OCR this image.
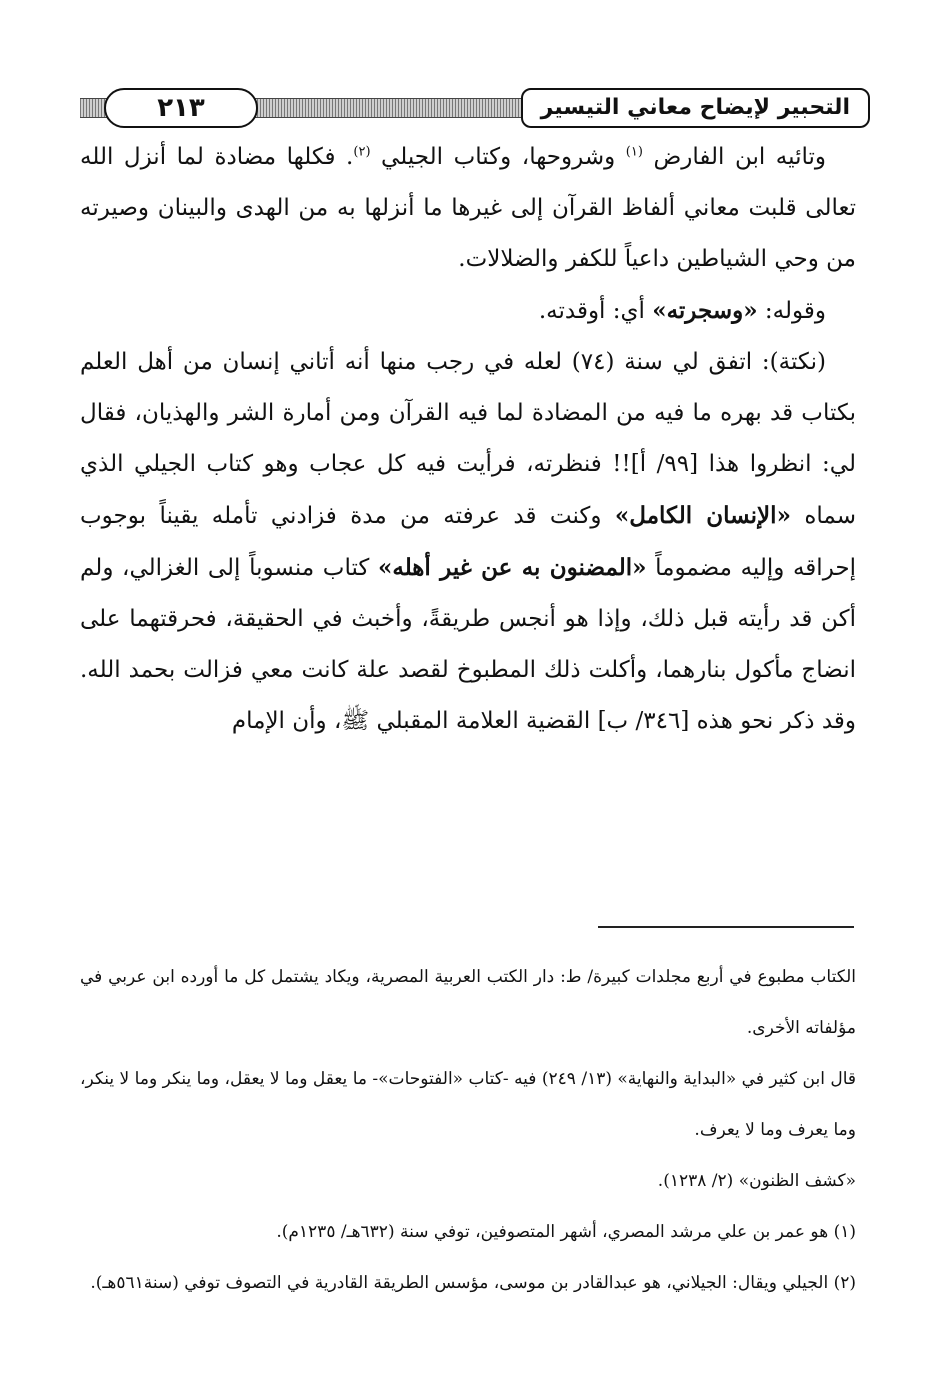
التحبير لإيضاح معاني التيسير
٢١٣

وتائيه ابن الفارض $^{(١)}$ وشروحها، وكتاب الجيلي $^{(٢)}$. فكلها مضادة لما أنزل الله تعالى قلبت معاني ألفاظ القرآن إلى غيرها ما أنزلها به من الهدى والبينان وصيرته من وحي الشياطين داعياً للكفر والضلالات.

وقوله: «وسجرته» أي: أوقدته.

(نكتة): اتفق لي سنة (٧٤) لعله في رجب منها أنه أتاني إنسان من أهل العلم بكتاب قد بهره ما فيه من المضادة لما فيه القرآن ومن أمارة الشر والهذيان، فقال لي: انظروا هذا [٩٩/ أ]!! فنظرته، فرأيت فيه كل عجاب وهو كتاب الجيلي الذي سماه «الإنسان الكامل» وكنت قد عرفته من مدة فزادني تأمله يقيناً بوجوب إحراقه وإليه مضموماً «المضنون به عن غير أهله» كتاب منسوباً إلى الغزالي، ولم أكن قد رأيته قبل ذلك، وإذا هو أنجس طريقةً، وأخبث في الحقيقة، فحرقتهما على انضاج مأكول بنارهما، وأكلت ذلك المطبوخ لقصد علة كانت معي فزالت بحمد الله. وقد ذكر نحو هذه [٣٤٦/ ب] القضية العلامة المقبلي ﷺ، وأن الإمام

الكتاب مطبوع في أربع مجلدات كبيرة/ ط: دار الكتب العربية المصرية، ويكاد يشتمل كل ما أورده ابن عربي في مؤلفاته الأخرى.

قال ابن كثير في «البداية والنهاية» (١٣/ ٢٤٩) فيه -كتاب «الفتوحات»- ما يعقل وما لا يعقل، وما ينكر وما لا ينكر، وما يعرف وما لا يعرف.

«كشف الظنون» (٢/ ١٢٣٨).

(١) هو عمر بن علي مرشد المصري، أشهر المتصوفين، توفي سنة (٦٣٢هـ/ ١٢٣٥م).

(٢) الجيلي ويقال: الجيلاني، هو عبدالقادر بن موسى، مؤسس الطريقة القادرية في التصوف توفي (سنة٥٦١هـ).
